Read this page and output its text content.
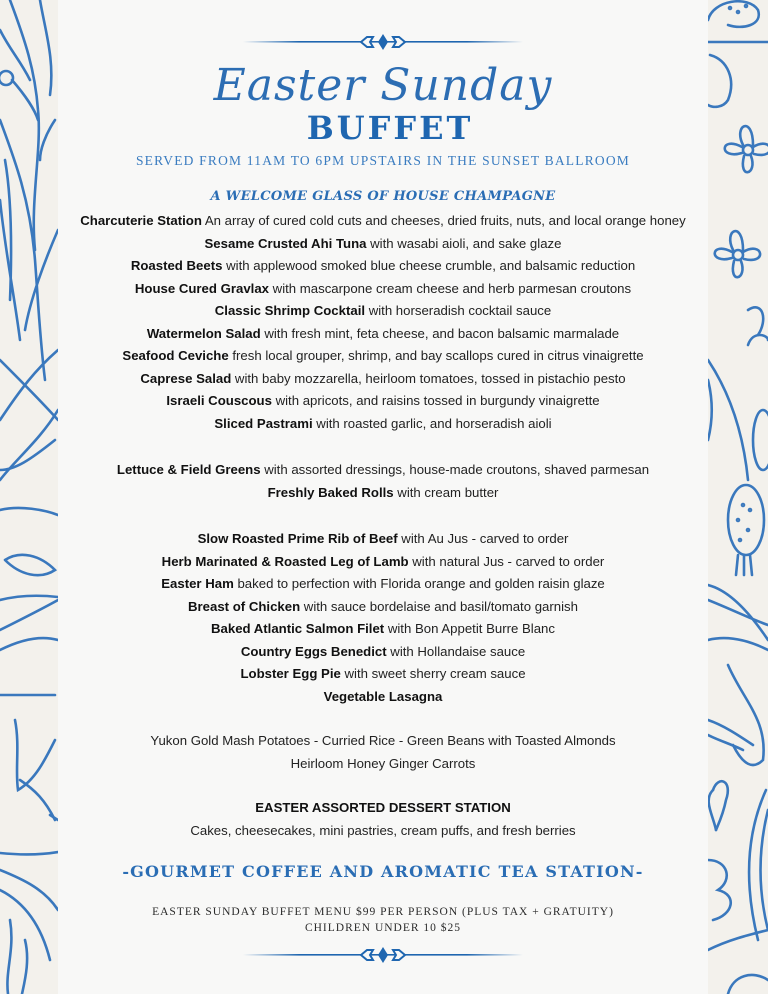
Easter Sunday
BUFFET
SERVED FROM 11AM TO 6PM UPSTAIRS IN THE SUNSET BALLROOM
A WELCOME GLASS OF HOUSE CHAMPAGNE
Charcuterie Station An array of cured cold cuts and cheeses, dried fruits, nuts, and local orange honey
Sesame Crusted Ahi Tuna with wasabi aioli, and sake glaze
Roasted Beets with applewood smoked blue cheese crumble, and balsamic reduction
House Cured Gravlax with mascarpone cream cheese and herb parmesan croutons
Classic Shrimp Cocktail with horseradish cocktail sauce
Watermelon Salad with fresh mint, feta cheese, and bacon balsamic marmalade
Seafood Ceviche fresh local grouper, shrimp, and bay scallops cured in citrus vinaigrette
Caprese Salad with baby mozzarella, heirloom tomatoes, tossed in pistachio pesto
Israeli Couscous with apricots, and raisins tossed in burgundy vinaigrette
Sliced Pastrami with roasted garlic, and horseradish aioli
Lettuce & Field Greens with assorted dressings, house-made croutons, shaved parmesan
Freshly Baked Rolls with cream butter
Slow Roasted Prime Rib of Beef with Au Jus - carved to order
Herb Marinated & Roasted Leg of Lamb with natural Jus - carved to order
Easter Ham baked to perfection with Florida orange and golden raisin glaze
Breast of Chicken with sauce bordelaise and basil/tomato garnish
Baked Atlantic Salmon Filet with Bon Appetit Burre Blanc
Country Eggs Benedict with Hollandaise sauce
Lobster Egg Pie with sweet sherry cream sauce
Vegetable Lasagna
Yukon Gold Mash Potatoes - Curried Rice - Green Beans with Toasted Almonds
Heirloom Honey Ginger Carrots
EASTER ASSORTED DESSERT STATION
Cakes, cheesecakes, mini pastries, cream puffs, and fresh berries
-GOURMET COFFEE AND AROMATIC TEA STATION-
EASTER SUNDAY BUFFET MENU $99 PER PERSON (PLUS TAX + GRATUITY)
CHILDREN UNDER 10 $25
